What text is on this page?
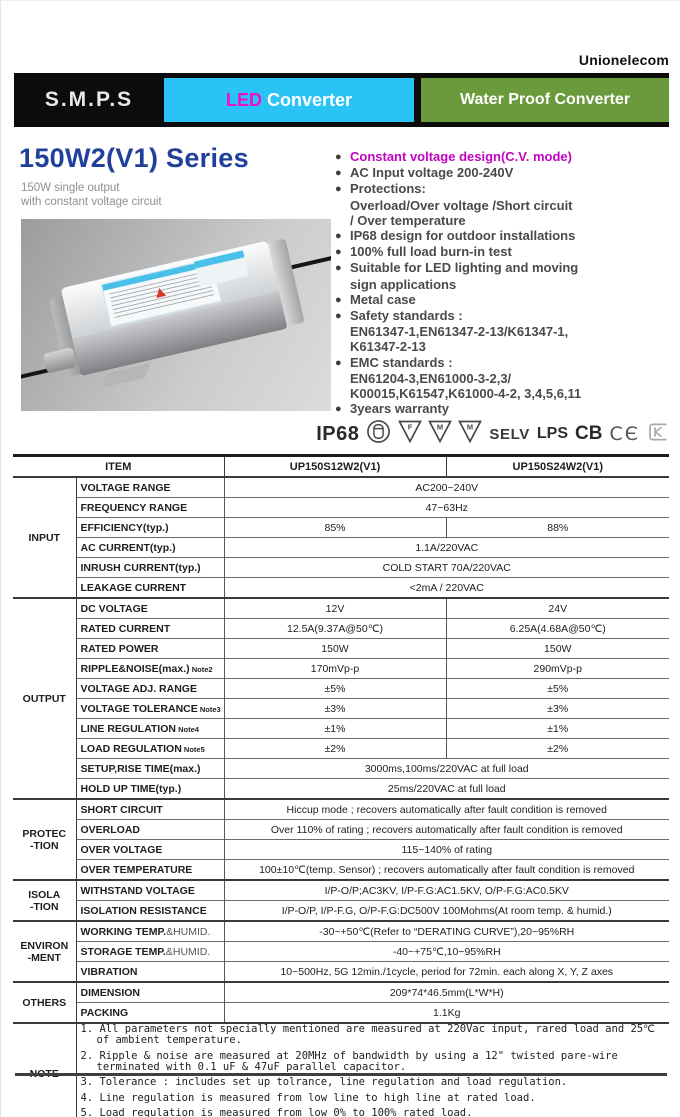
Unionelecom
S.M.P.S	LED Converter	Water Proof Converter
150W2(V1) Series
150W single output
with constant voltage circuit
● Constant voltage design(C.V. mode)
● AC Input voltage 200-240V
● Protections:
Overload/Over voltage /Short circuit
/ Over temperature
● IP68 design for outdoor installations
● 100% full load burn-in test
● Suitable for LED lighting and moving
sign applications
● Metal case
● Safety standards :
EN61347-1,EN61347-2-13/K61347-1,
K61347-2-13
● EMC standards :
EN61204-3,EN61000-3-2,3/
K00015,K61547,K61000-4-2, 3,4,5,6,11
● 3years warranty
IP68	F	M	M SELV LPS CB CЄ
ITEM		UP150S12W2(V1)	UP150S24W2(V1)

INPUT	VOLTAGE RANGE	AC200~240V	
	FREQUENCY RANGE	47~63Hz	
	EFFICIENCY(typ.)	85%	88%
	AC CURRENT(typ.)	1.1A/220VAC	
	INRUSH CURRENT(typ.)	COLD START 70A/220VAC	
	LEAKAGE CURRENT	<2mA / 220VAC	

OUTPUT	DC VOLTAGE	12V	24V
	RATED CURRENT	12.5A(9.37A@50℃)	6.25A(4.68A@50℃)
	RATED POWER	150W	150W
	RIPPLE&NOISE(max.) Note2	170mVp-p	290mVp-p
	VOLTAGE ADJ. RANGE	±5%	±5%
	VOLTAGE TOLERANCE Note3	±3%	±3%
	LINE REGULATION Note4	±1%	±1%
	LOAD REGULATION Note5	±2%	±2%
	SETUP,RISE TIME(max.)	3000ms,100ms/220VAC at full load	
	HOLD UP TIME(typ.)	25ms/220VAC at full load	

PROTEC
-TION	SHORT CIRCUIT	Hiccup mode ; recovers automatically after fault condition is removed	
	OVERLOAD	Over 110% of rating ; recovers automatically after fault condition is removed	
	OVER VOLTAGE	115~140% of rating	
	OVER TEMPERATURE	100±10℃(temp. Sensor) ; recovers automatically after fault condition is removed	

ISOLA
-TION	WITHSTAND VOLTAGE	I/P-O/P;AC3KV, I/P-F.G:AC1.5KV, O/P-F.G:AC0.5KV	
	ISOLATION RESISTANCE	I/P-O/P, I/P-F.G, O/P-F.G:DC500V 100Mohms(At room temp. & humid.)	

ENVIRON
-MENT	WORKING TEMP.&HUMID.	-30~+50℃(Refer to “DERATING CURVE”),20~95%RH	
	STORAGE TEMP.&HUMID.	-40~+75℃,10~95%RH	
	VIBRATION	10~500Hz, 5G 12min./1cycle, period for 72min. each along X, Y, Z axes	

OTHERS	DIMENSION	209*74*46.5mm(L*W*H)	
	PACKING	1.1Kg	

1. All parameters not specially mentioned are measured at 220Vac input, rared load and 25℃ of ambient temperature.
2. Ripple & noise are measured at 20MHz of bandwidth by using a 12" twisted pare-wire terminated with 0.1 uF & 47uF parallel capacitor.
3. Tolerance : includes set up tolrance, line regulation and load regulation.
4. Line regulation is measured from low line to high line at rated load.
5. Load regulation is measured from low 0% to 100% rated load.		
